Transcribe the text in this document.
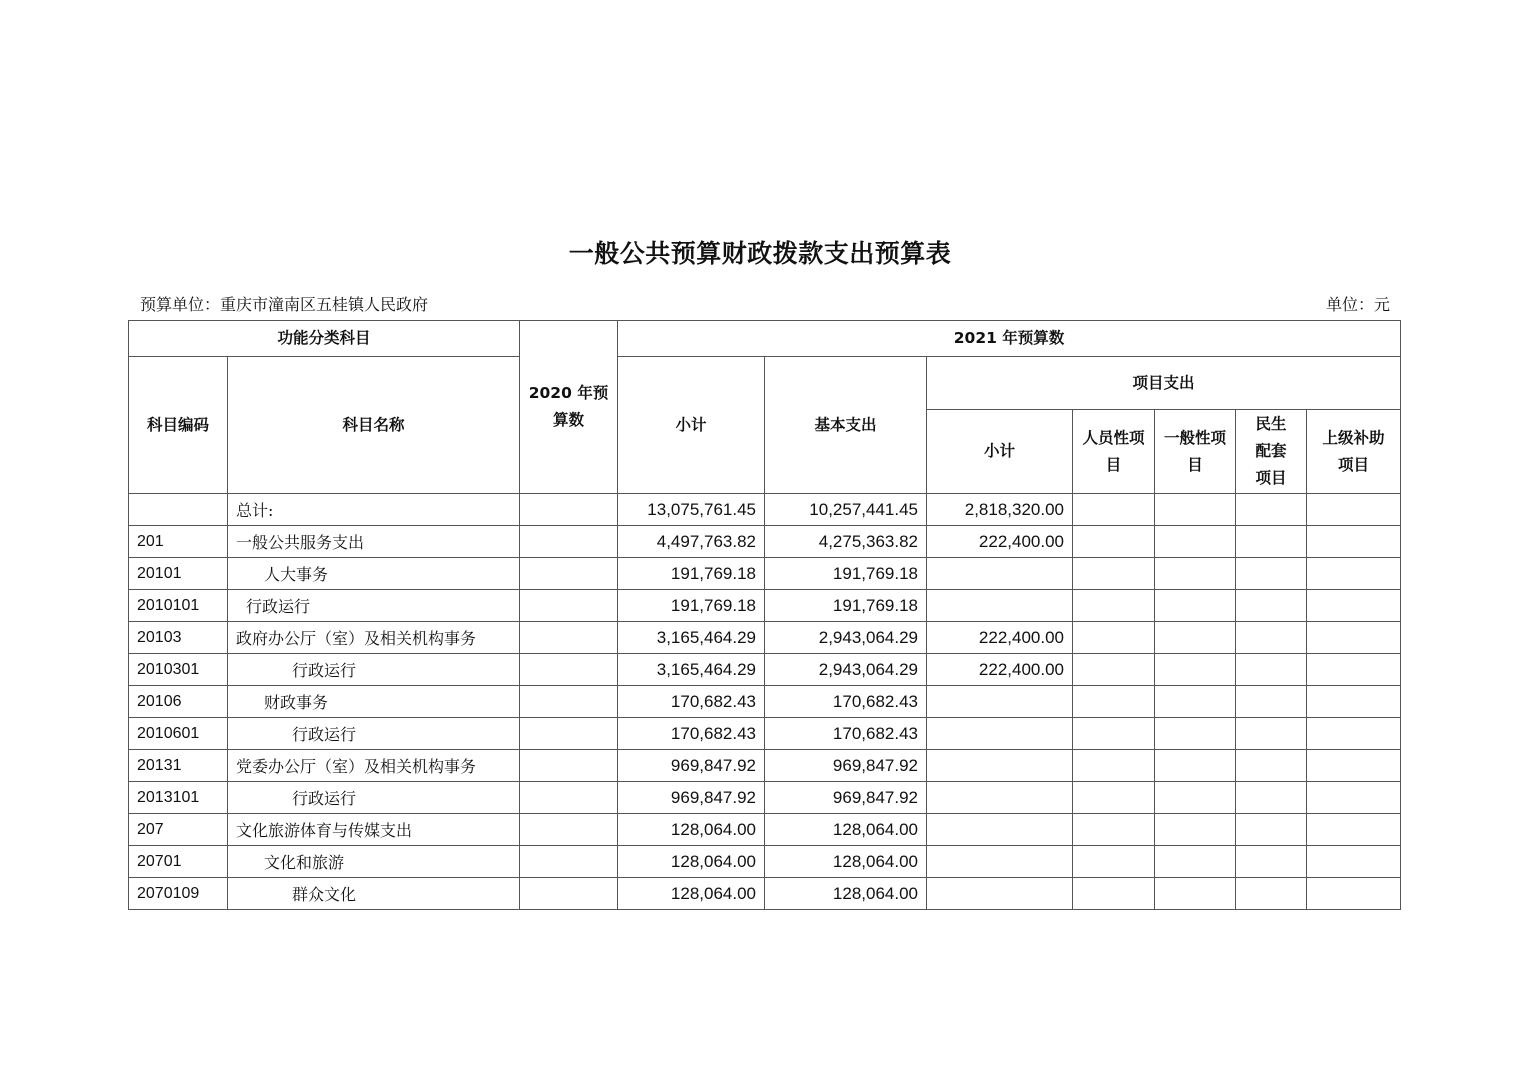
一般公共预算财政拨款支出预算表
预算单位：重庆市潼南区五桂镇人民政府	单位：元
功能分类科目		2020 年预算数	2021 年预算数						
科目编码	科目名称		小计	基本支出	项目支出				
					小计	人员性项目	一般性项目	民生配套项目	上级补助项目
	总计:		13,075,761.45	10,257,441.45	2,818,320.00				
201	一般公共服务支出		4,497,763.82	4,275,363.82	222,400.00				
20101	人大事务		191,769.18	191,769.18					
2010101	行政运行		191,769.18	191,769.18					
20103	政府办公厅（室）及相关机构事务		3,165,464.29	2,943,064.29	222,400.00				
2010301	行政运行		3,165,464.29	2,943,064.29	222,400.00				
20106	财政事务		170,682.43	170,682.43					
2010601	行政运行		170,682.43	170,682.43					
20131	党委办公厅（室）及相关机构事务		969,847.92	969,847.92					
2013101	行政运行		969,847.92	969,847.92					
207	文化旅游体育与传媒支出		128,064.00	128,064.00					
20701	文化和旅游		128,064.00	128,064.00					
2070109	群众文化		128,064.00	128,064.00					
